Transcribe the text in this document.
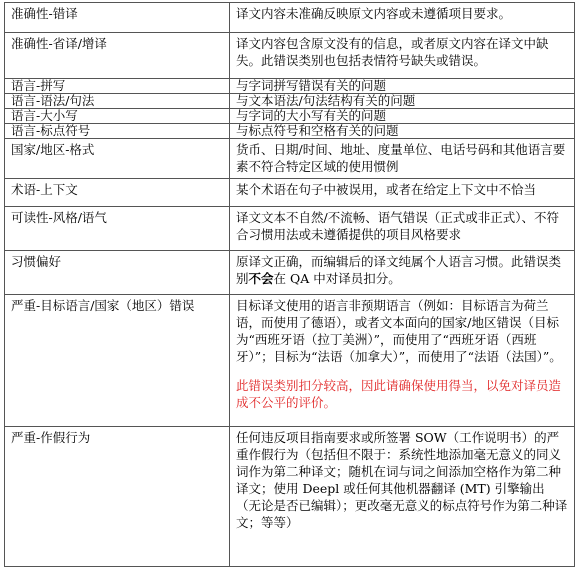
准确性-错译	译文内容未准确反映原文内容或未遵循项目要求。
准确性-省译/增译	译文内容包含原文没有的信息，或者原文内容在译文中缺失。此错误类别也包括表情符号缺失或错误。
语言-拼写	与字词拼写错误有关的问题
语言-语法/句法	与文本语法/句法结构有关的问题
语言-大小写	与字词的大小写有关的问题
语言-标点符号	与标点符号和空格有关的问题
国家/地区-格式	货币、日期/时间、地址、度量单位、电话号码和其他语言要素不符合特定区域的使用惯例
术语-上下文	某个术语在句子中被误用，或者在给定上下文中不恰当
可读性-风格/语气	译文文本不自然/不流畅、语气错误（正式或非正式）、不符合习惯用法或未遵循提供的项目风格要求
习惯偏好	原译文正确，而编辑后的译文纯属个人语言习惯。此错误类别不会在 QA 中对译员扣分。
严重-目标语言/国家（地区）错误	目标译文使用的语言非预期语言（例如：目标语言为荷兰语，而使用了德语），或者文本面向的国家/地区错误（目标为“西班牙语（拉丁美洲）”，而使用了“西班牙语（西班牙）”；目标为“法语（加拿大）”，而使用了“法语（法国）”。
此错误类别扣分较高，因此请确保使用得当，以免对译员造成不公平的评价。

严重-作假行为	任何违反项目指南要求或所签署 SOW（工作说明书）的严重作假行为（包括但不限于：系统性地添加毫无意义的同义词作为第二种译文；随机在词与词之间添加空格作为第二种译文；使用 Deepl 或任何其他机器翻译 (MT) 引擎输出（无论是否已编辑）；更改毫无意义的标点符号作为第二种译文；等等）
